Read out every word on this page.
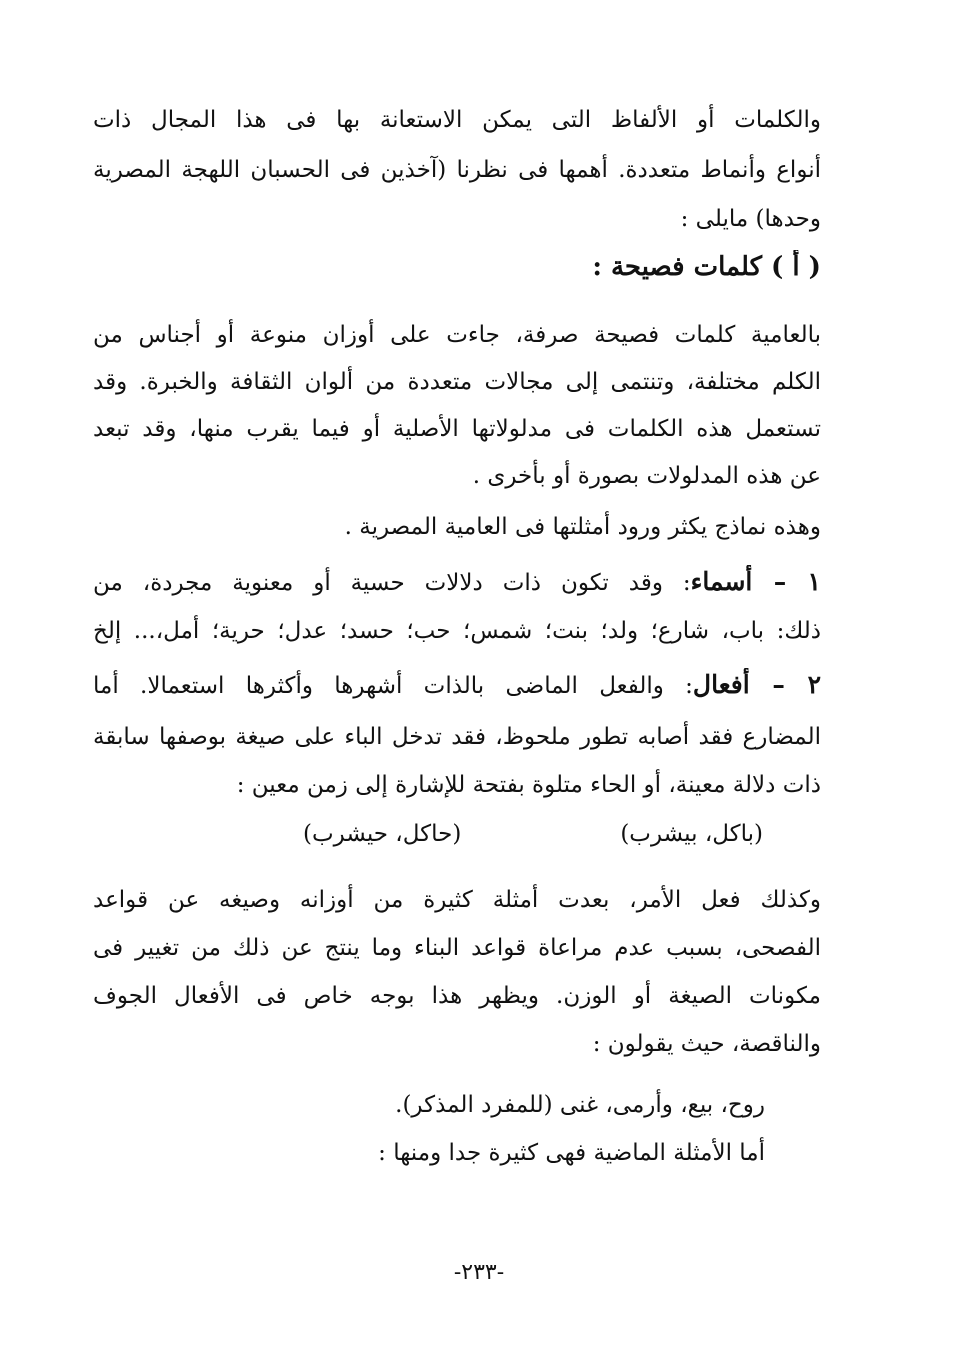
والكلمات أو الألفاظ التى يمكن الاستعانة بها فى هذا المجال ذات
أنواع وأنماط متعددة. أهمها فى نظرنا (آخذين فى الحسبان اللهجة المصرية
وحدها) مايلى :
( أ ) كلمات فصيحة :
بالعامية كلمات فصيحة صرفة، جاءت على أوزان منوعة أو أجناس من
الكلم مختلفة، وتنتمى إلى مجالات متعددة من ألوان الثقافة والخبرة. وقد
تستعمل هذه الكلمات فى مدلولاتها الأصلية أو فيما يقرب منها، وقد تبعد
عن هذه المدلولات بصورة أو بأخرى .
وهذه نماذج يكثر ورود أمثلتها فى العامية المصرية .
١ – أسماء: وقد تكون ذات دلالات حسية أو معنوية مجردة، من
ذلك: باب، شارع؛ ولد؛ بنت؛ شمس؛ حب؛ حسد؛ عدل؛ حرية؛ أمل،... إلخ
٢ – أفعال: والفعل الماضى بالذات أشهرها وأكثرها استعمالا. أما
المضارع فقد أصابه تطور ملحوظ، فقد تدخل الباء على صيغة بوصفها سابقة
ذات دلالة معينة، أو الحاء متلوة بفتحة للإشارة إلى زمن معين :
(باكل، بيشرب)
(حاكل، حيشرب)
وكذلك فعل الأمر، بعدت أمثلة كثيرة من أوزانه وصيغه عن قواعد
الفصحى، بسبب عدم مراعاة قواعد البناء وما ينتج عن ذلك من تغيير فى
مكونات الصيغة أو الوزن. ويظهر هذا بوجه خاص فى الأفعال الجوف
والناقصة، حيث يقولون :
روح، بيع، وأرمى، غنى (للمفرد المذكر).
أما الأمثلة الماضية فهى كثيرة جدا ومنها :
-٢٣٣-
